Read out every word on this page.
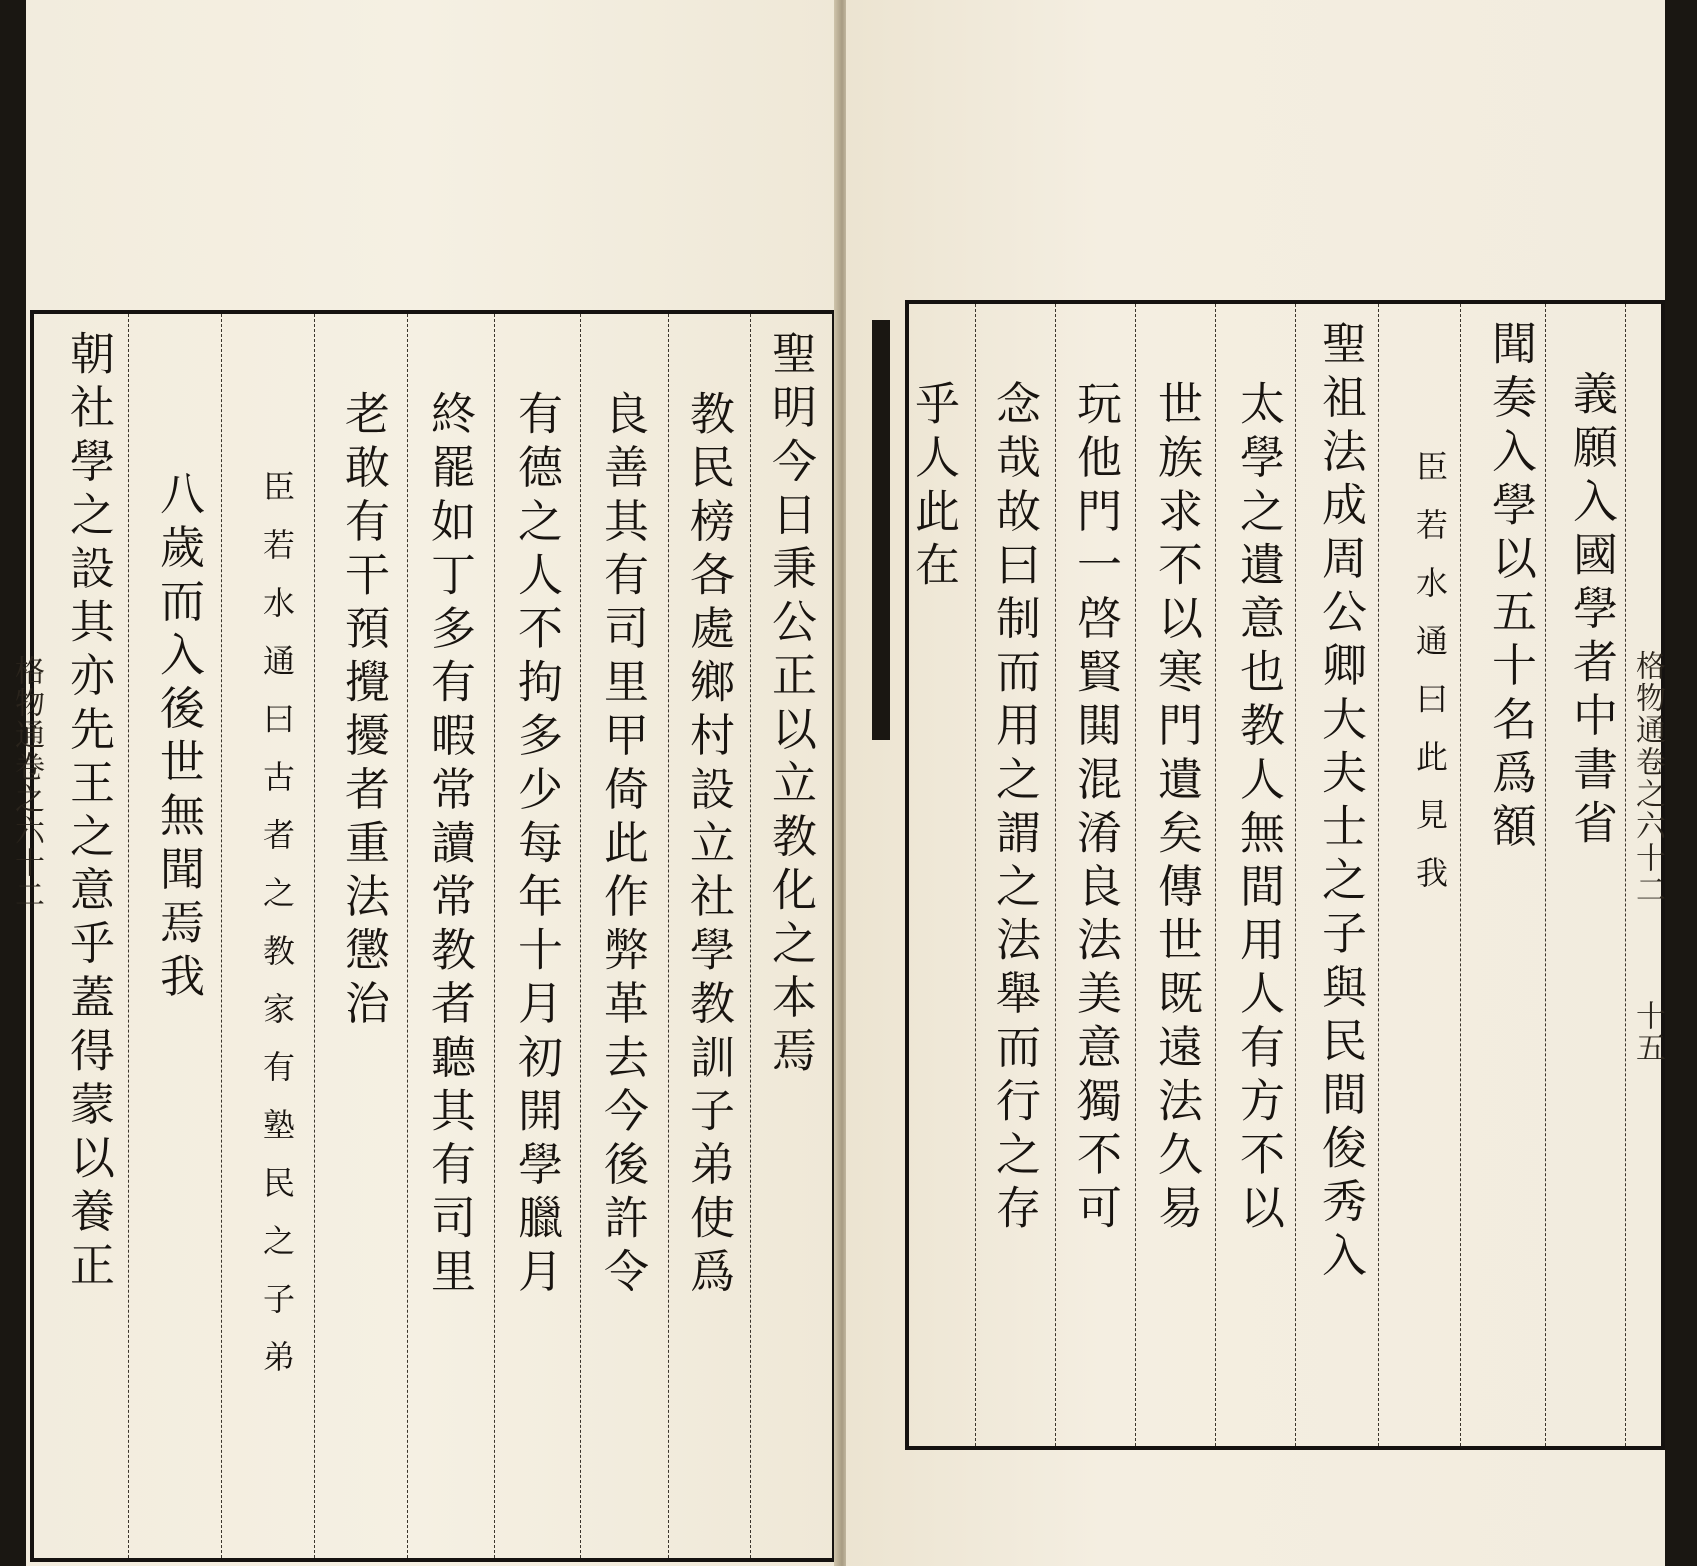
聖明今日秉公正以立教化之本焉
教民榜各處鄉村設立社學教訓子弟使爲
良善其有司里甲倚此作弊革去今後許令
有德之人不拘多少每年十月初開學臘月
終罷如丁多有暇常讀常教者聽其有司里
老敢有干預攪擾者重法懲治
臣若水通曰古者之教家有塾民之子弟
八歲而入後世無聞焉我
朝社學之設其亦先王之意乎蓋得蒙以養正
格物通卷之六十二	義願入國學者中書省
聞奏入學以五十名爲額
臣若水通曰此見我
聖祖法成周公卿大夫士之子與民間俊秀入
太學之遺意也教人無間用人有方不以
世族求不以寒門遺矣傳世既遠法久易
玩他門一啓賢閧混淆良法美意獨不可
念哉故曰制而用之謂之法舉而行之存
乎人此在
格物通卷之六十二
十五
